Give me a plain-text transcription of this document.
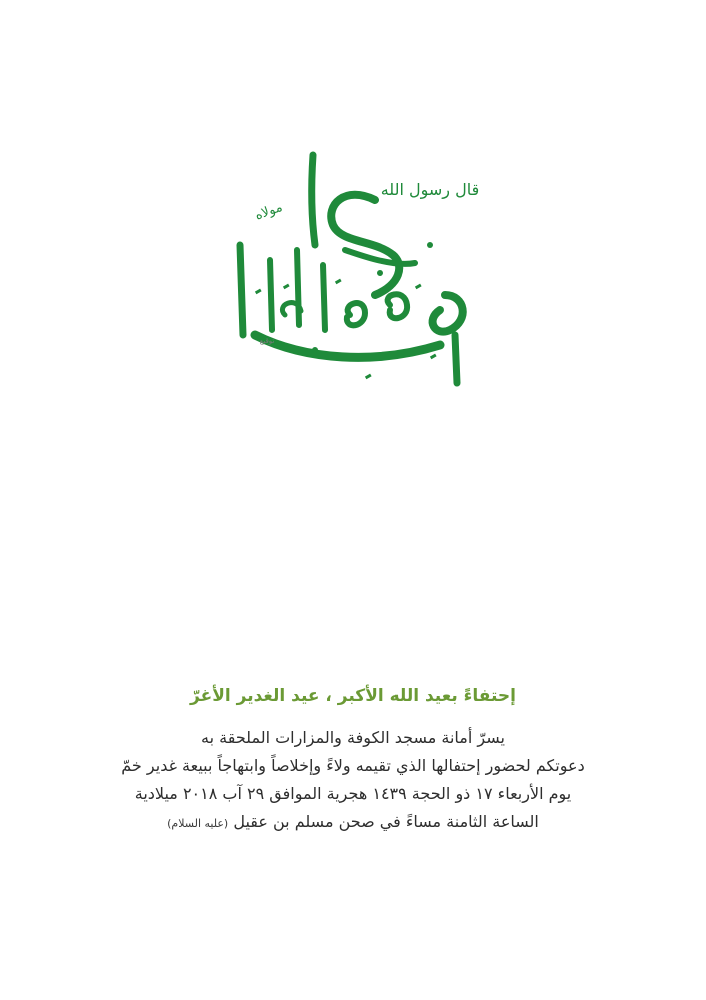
قال رسول الله
مولاه
توقيع
إحتفاءً بعيد الله الأكبر ، عيد الغدير الأغرّ
يسرّ أمانة مسجد الكوفة والمزارات الملحقة به
دعوتكم لحضور إحتفالها الذي تقيمه ولاءً وإخلاصاً وابتهاجاً ببيعة غدير خمّ
يوم الأربعاء ١٧ ذو الحجة ١٤٣٩ هجرية الموافق ٢٩ آب ٢٠١٨ ميلادية
الساعة الثامنة مساءً في صحن مسلم بن عقيل (عليه السلام)
